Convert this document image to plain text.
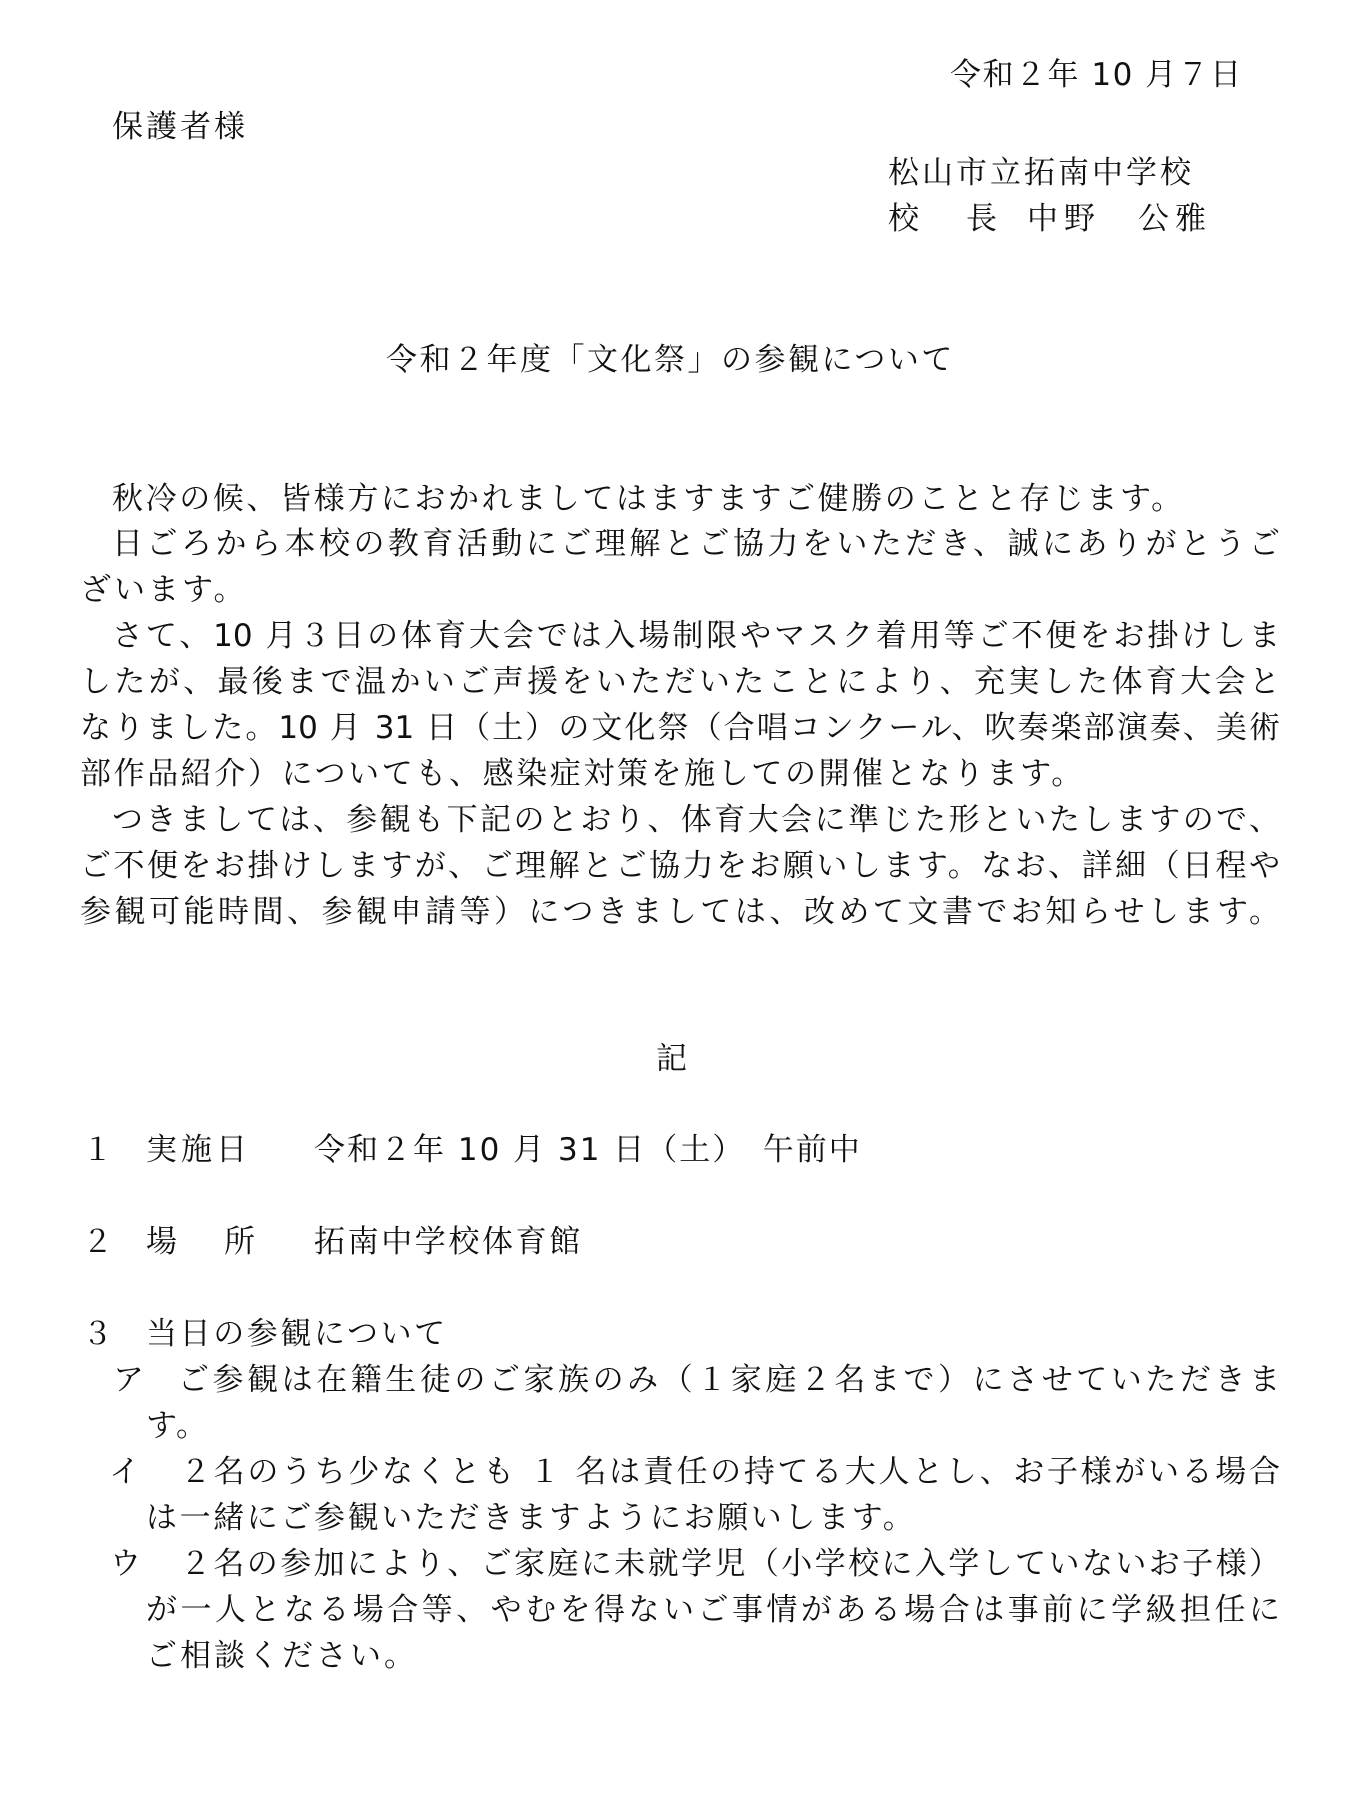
令和２年 10 月７日
保護者様
松山市立拓南中学校
校　長 中野　公雅
令和２年度「文化祭」の参観について
秋冷の候、皆様方におかれましてはますますご健勝のことと存じます。
日ごろから本校の教育活動にご理解とご協力をいただき、誠にありがとうご
ざいます。
さて、10 月３日の体育大会では入場制限やマスク着用等ご不便をお掛けしま
したが、最後まで温かいご声援をいただいたことにより、充実した体育大会と
なりました。10 月 31 日（土）の文化祭（合唱コンクール、吹奏楽部演奏、美術
部作品紹介）についても、感染症対策を施しての開催となります。
つきましては、参観も下記のとおり、体育大会に準じた形といたしますので、
ご不便をお掛けしますが、ご理解とご協力をお願いします。なお、詳細（日程や
参観可能時間、参観申請等）につきましては、改めて文書でお知らせします。
記
１ 実施日 令和２年 10 月 31 日（土）　午前中
２ 場　所 拓南中学校体育館
３ 当日の参観について
ア ご参観は在籍生徒のご家族のみ（１家庭２名まで）にさせていただきま
す。
イ ２名のうち少なくとも １ 名は責任の持てる大人とし、お子様がいる場合
は一緒にご参観いただきますようにお願いします。
ウ ２名の参加により、ご家庭に未就学児（小学校に入学していないお子様）
が一人となる場合等、やむを得ないご事情がある場合は事前に学級担任に
ご相談ください。
